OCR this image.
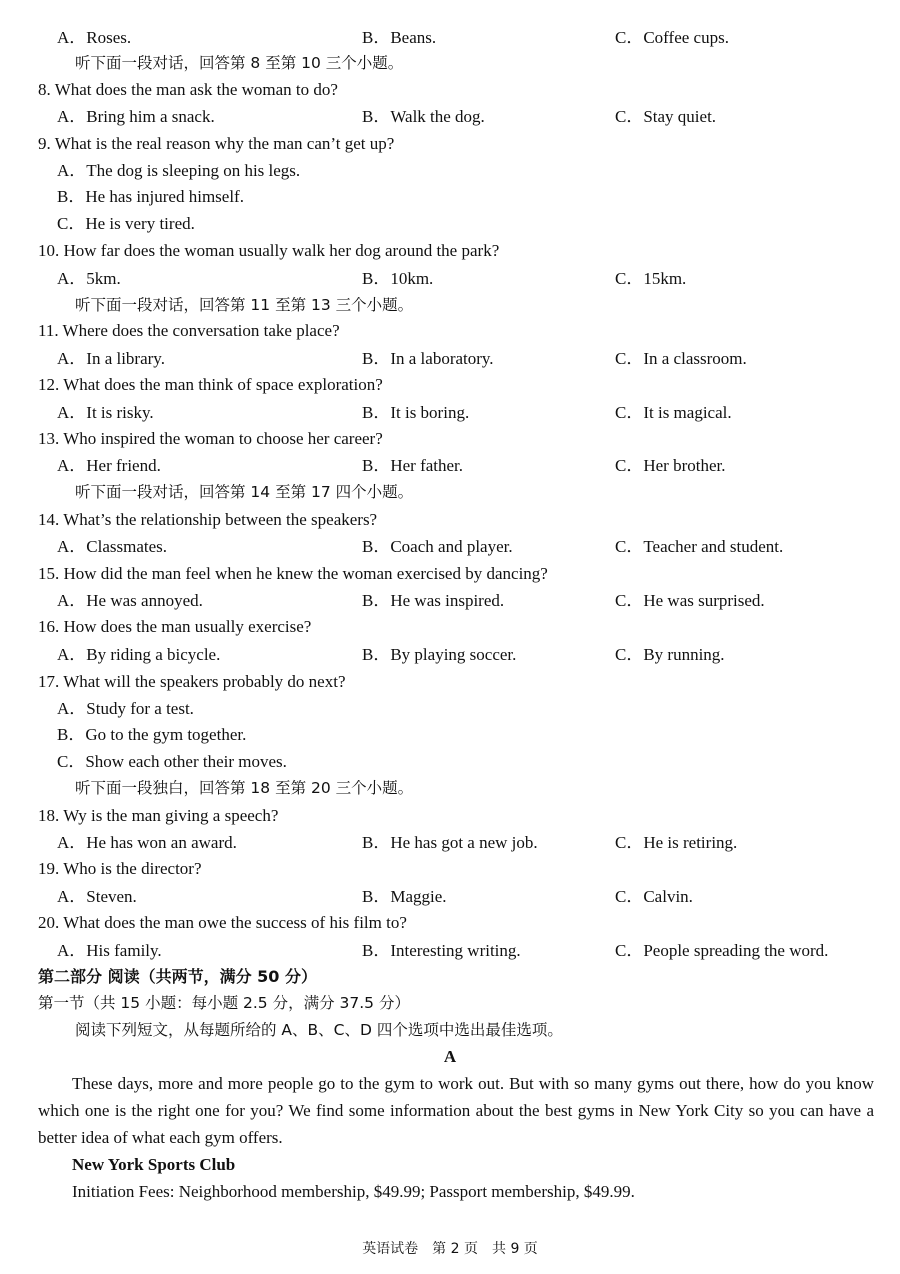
A．Roses.	B．Beans.	C．Coffee cups.
听下面一段对话，回答第 8 至第 10 三个小题。
8. What does the man ask the woman to do?
A．Bring him a snack.	B．Walk the dog.	C．Stay quiet.
9. What is the real reason why the man can’t get up?
A．The dog is sleeping on his legs.
B．He has injured himself.
C．He is very tired.
10. How far does the woman usually walk her dog around the park?
A．5km.	B．10km.	C．15km.
听下面一段对话，回答第 11 至第 13 三个小题。
11. Where does the conversation take place?
A．In a library.	B．In a laboratory.	C．In a classroom.
12. What does the man think of space exploration?
A．It is risky.	B．It is boring.	C．It is magical.
13. Who inspired the woman to choose her career?
A．Her friend.	B．Her father.	C．Her brother.
听下面一段对话，回答第 14 至第 17 四个小题。
14. What’s the relationship between the speakers?
A．Classmates.	B．Coach and player.	C．Teacher and student.
15. How did the man feel when he knew the woman exercised by dancing?
A．He was annoyed.	B．He was inspired.	C．He was surprised.
16. How does the man usually exercise?
A．By riding a bicycle.	B．By playing soccer.	C．By running.
17. What will the speakers probably do next?
A．Study for a test.
B．Go to the gym together.
C．Show each other their moves.
听下面一段独白，回答第 18 至第 20 三个小题。
18. Wy is the man giving a speech?
A．He has won an award.	B．He has got a new job.	C．He is retiring.
19. Who is the director?
A．Steven.	B．Maggie.	C．Calvin.
20. What does the man owe the success of his film to?
A．His family.	B．Interesting writing.	C．People spreading the word.
第二部分 阅读（共两节，满分 50 分）
第一节（共 15 小题：每小题 2.5 分，满分 37.5 分）
阅读下列短文，从每题所给的 A、B、C、D 四个选项中选出最佳选项。
A
These days, more and more people go to the gym to work out. But with so many gyms out there, how do you know which one is the right one for you? We find some information about the best gyms in New York City so you can have a better idea of what each gym offers.
New York Sports Club
Initiation Fees: Neighborhood membership, $49.99; Passport membership, $49.99.
英语试卷　第 2 页　共 9 页
